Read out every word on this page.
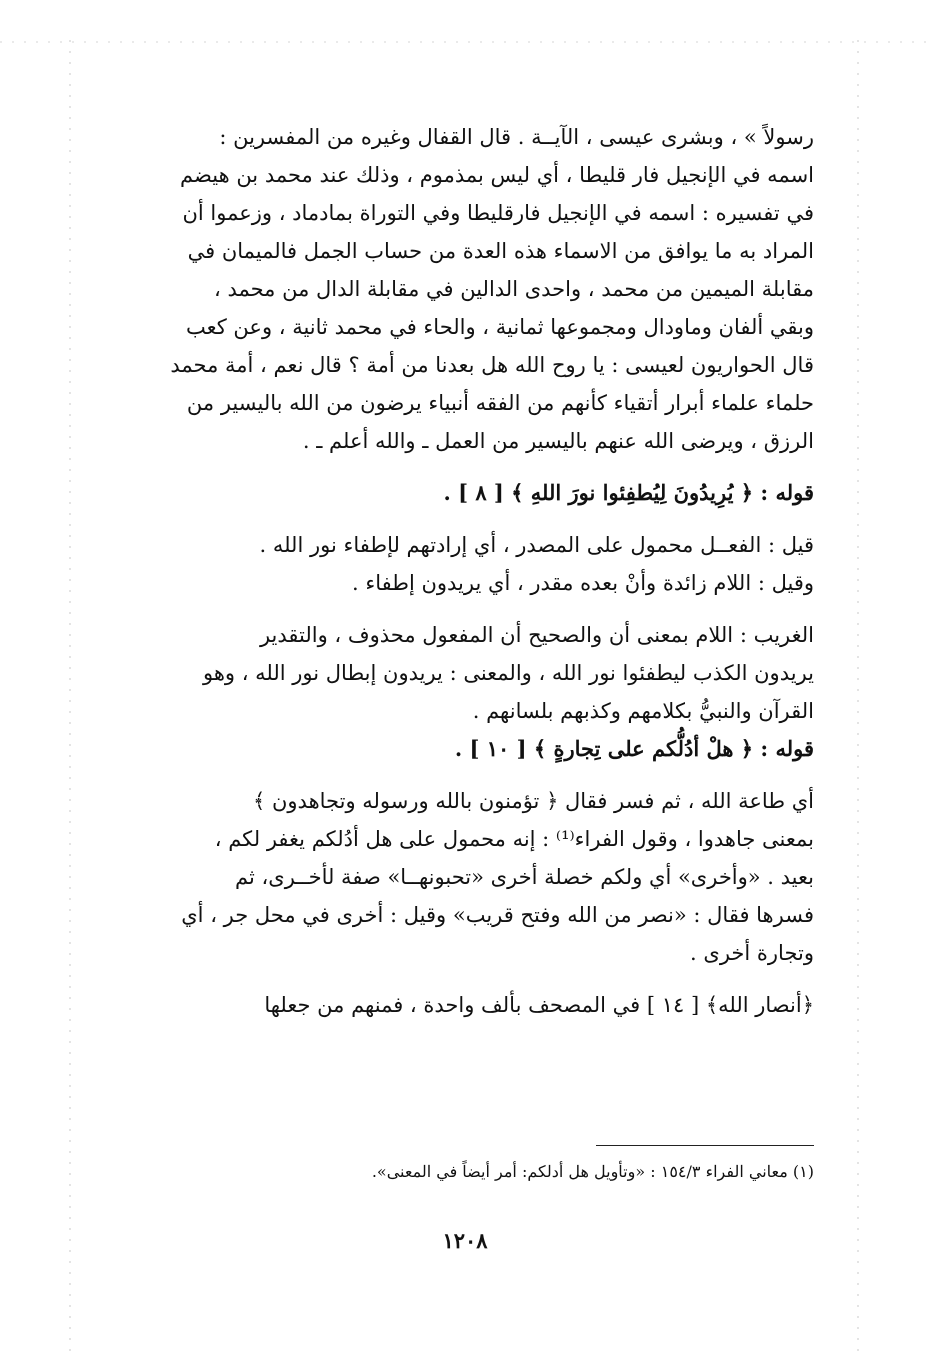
رسولاً » ، وبشرى عيسى ، الآيــة . قال القفال وغيره من المفسرين :
اسمه في الإنجيل فار قليطا ، أي ليس بمذموم ، وذلك عند محمد بن هيضم
في تفسيره : اسمه في الإنجيل فارقليطا وفي التوراة بمادماد ، وزعموا أن
المراد به ما يوافق من الاسماء هذه العدة من حساب الجمل فالميمان في
مقابلة الميمين من محمد ، واحدى الدالين في مقابلة الدال من محمد ،
وبقي ألفان وماودال ومجموعها ثمانية ، والحاء في محمد ثانية ، وعن كعب
قال الحواريون لعيسى : يا روح الله هل بعدنا من أمة ؟ قال نعم ، أمة محمد
حلماء علماء أبرار أتقياء كأنهم من الفقه أنبياء يرضون من الله باليسير من
الرزق ، ويرضى الله عنهم باليسير من العمل ـ والله أعلم ـ .
قوله : ﴿ يُرِيدُونَ لِيُطفِئوا نورَ اللهِ ﴾ [ ٨ ] .
قيل : الفعــل محمول على المصدر ، أي إرادتهم لإطفاء نور الله .
وقيل : اللام زائدة وأنْ بعده مقدر ، أي يريدون إطفاء .
الغريب : اللام بمعنى أن والصحيح أن المفعول محذوف ، والتقدير
يريدون الكذب ليطفئوا نور الله ، والمعنى : يريدون إبطال نور الله ، وهو
القرآن والنبيُّ بكلامهم وكذبهم بلسانهم .
قوله : ﴿ هلْ أدُلُّكم على تِجارةٍ ﴾ [ ١٠ ] .
أي طاعة الله ، ثم فسر فقال ﴿ تؤمنون بالله ورسوله وتجاهدون ﴾
بمعنى جاهدوا ، وقول الفراء⁽¹⁾ : إنه محمول على هل أدُلكم يغفر لكم ،
بعيد . «وأخرى» أي ولكم خصلة أخرى «تحبونهــا» صفة لأخــرى، ثم
فسرها فقال : «نصر من الله وفتح قريب» وقيل : أخرى في محل جر ، أي
وتجارة أخرى .
﴿أنصار الله﴾ [ ١٤ ] في المصحف بألف واحدة ، فمنهم من جعلها
(١) معاني الفراء ١٥٤/٣ : «وتأويل هل أدلكم: أمر أيضاً في المعنى».
١٢٠٨
